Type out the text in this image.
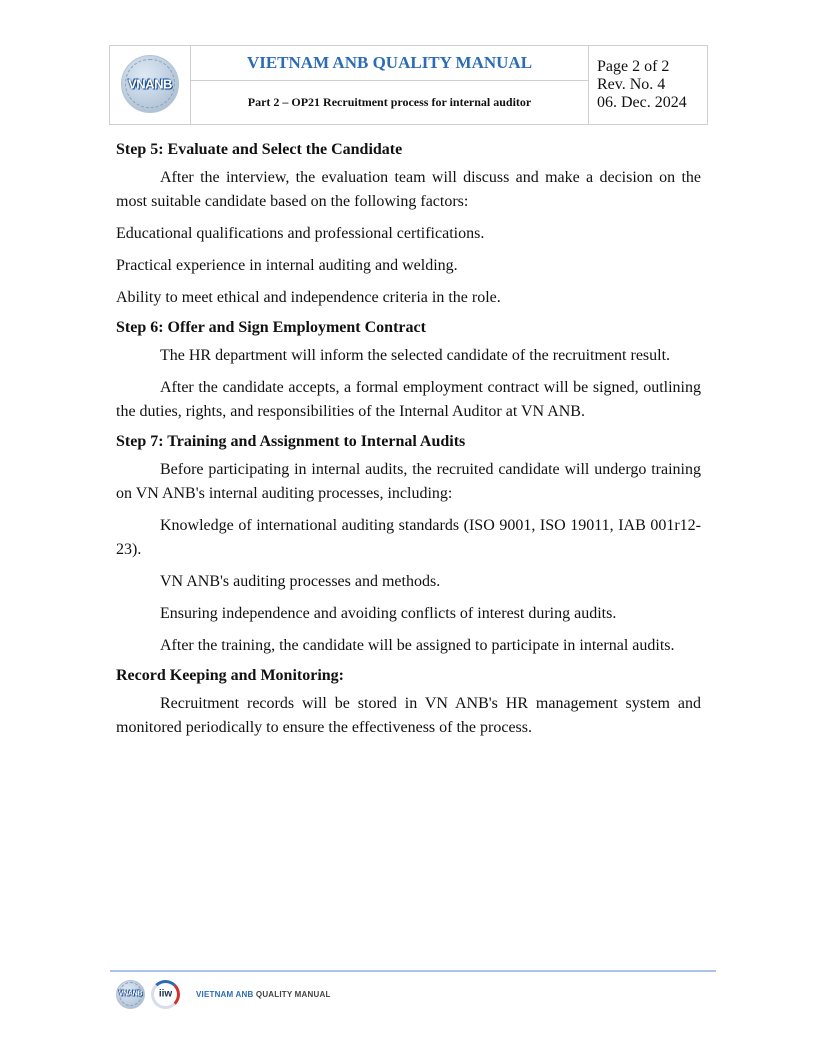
VNANB

VIETNAM ANB QUALITY MANUAL
Part 2 – OP21 Recruitment process for internal auditor

Page 2 of 2
Rev. No. 4
06. Dec. 2024

Step 5: Evaluate and Select the Candidate

After the interview, the evaluation team will discuss and make a decision on the most suitable candidate based on the following factors:

Educational qualifications and professional certifications.

Practical experience in internal auditing and welding.

Ability to meet ethical and independence criteria in the role.

Step 6: Offer and Sign Employment Contract

The HR department will inform the selected candidate of the recruitment result.

After the candidate accepts, a formal employment contract will be signed, outlining the duties, rights, and responsibilities of the Internal Auditor at VN ANB.

Step 7: Training and Assignment to Internal Audits

Before participating in internal audits, the recruited candidate will undergo training on VN ANB's internal auditing processes, including:

Knowledge of international auditing standards (ISO 9001, ISO 19011, IAB 001r12-23).

VN ANB's auditing processes and methods.

Ensuring independence and avoiding conflicts of interest during audits.

After the training, the candidate will be assigned to participate in internal audits.

Record Keeping and Monitoring:

Recruitment records will be stored in VN ANB's HR management system and monitored periodically to ensure the effectiveness of the process.

VNANB	iiw	VIETNAM ANB QUALITY MANUAL
